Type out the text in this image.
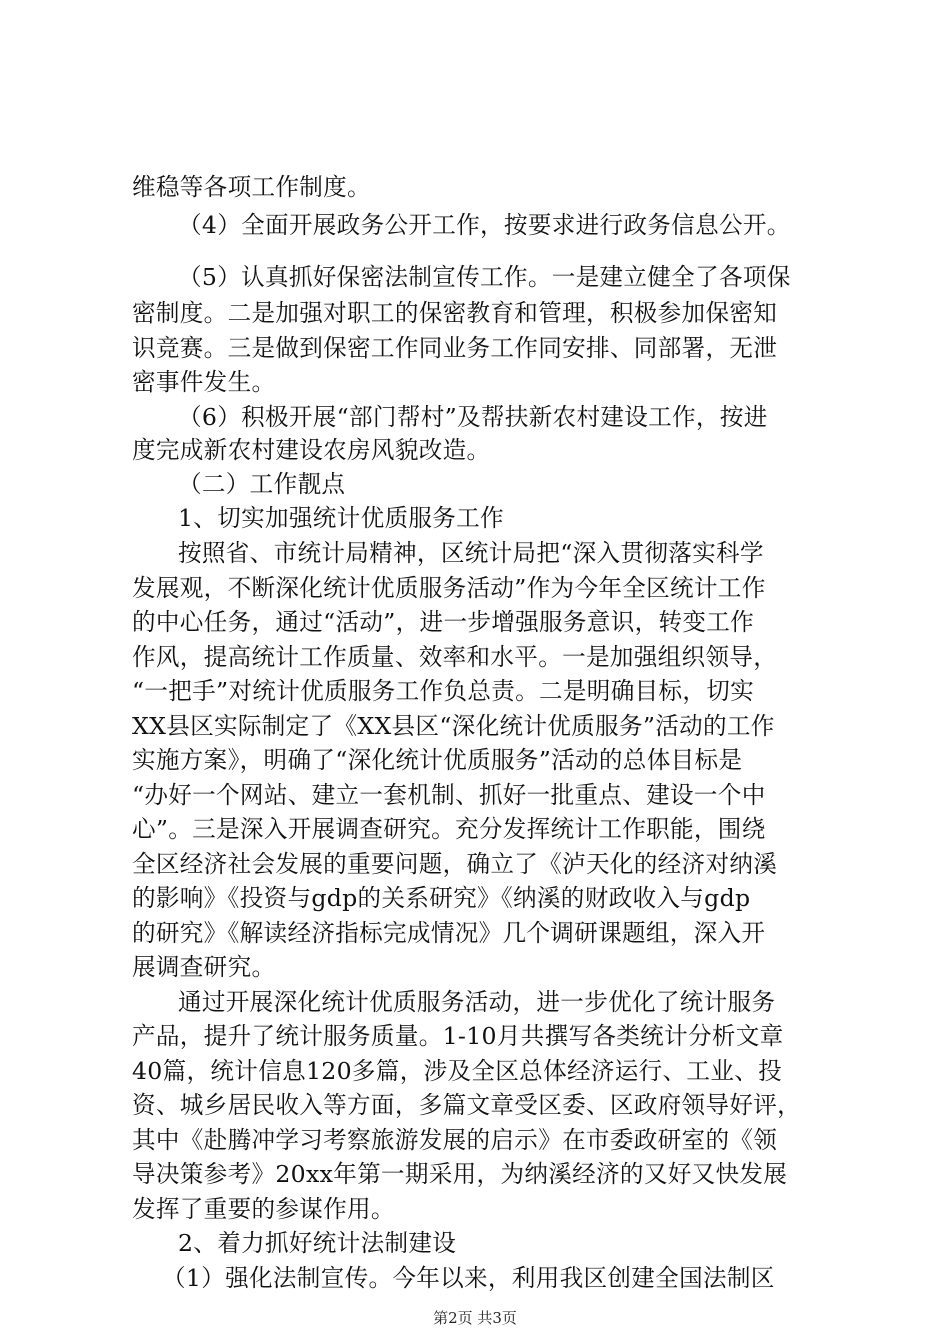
维稳等各项工作制度。
（4）全面开展政务公开工作，按要求进行政务信息公开。
（5）认真抓好保密法制宣传工作。一是建立健全了各项保
密制度。二是加强对职工的保密教育和管理，积极参加保密知
识竞赛。三是做到保密工作同业务工作同安排、同部署，无泄
密事件发生。
（6）积极开展“部门帮村”及帮扶新农村建设工作，按进
度完成新农村建设农房风貌改造。
（二）工作靓点
1、切实加强统计优质服务工作
按照省、市统计局精神，区统计局把“深入贯彻落实科学
发展观，不断深化统计优质服务活动”作为今年全区统计工作
的中心任务，通过“活动”，进一步增强服务意识，转变工作
作风，提高统计工作质量、效率和水平。一是加强组织领导，
“一把手”对统计优质服务工作负总责。二是明确目标，切实
XX县区实际制定了《XX县区“深化统计优质服务”活动的工作
实施方案》，明确了“深化统计优质服务”活动的总体目标是
“办好一个网站、建立一套机制、抓好一批重点、建设一个中
心”。三是深入开展调查研究。充分发挥统计工作职能，围绕
全区经济社会发展的重要问题，确立了《泸天化的经济对纳溪
的影响》《投资与gdp的关系研究》《纳溪的财政收入与gdp
的研究》《解读经济指标完成情况》几个调研课题组，深入开
展调查研究。
通过开展深化统计优质服务活动，进一步优化了统计服务
产品，提升了统计服务质量。1-10月共撰写各类统计分析文章
40篇，统计信息120多篇，涉及全区总体经济运行、工业、投
资、城乡居民收入等方面，多篇文章受区委、区政府领导好评，
其中《赴腾冲学习考察旅游发展的启示》在市委政研室的《领
导决策参考》20xx年第一期采用，为纳溪经济的又好又快发展
发挥了重要的参谋作用。
2、着力抓好统计法制建设
（1）强化法制宣传。今年以来，利用我区创建全国法制区
第2页 共3页
